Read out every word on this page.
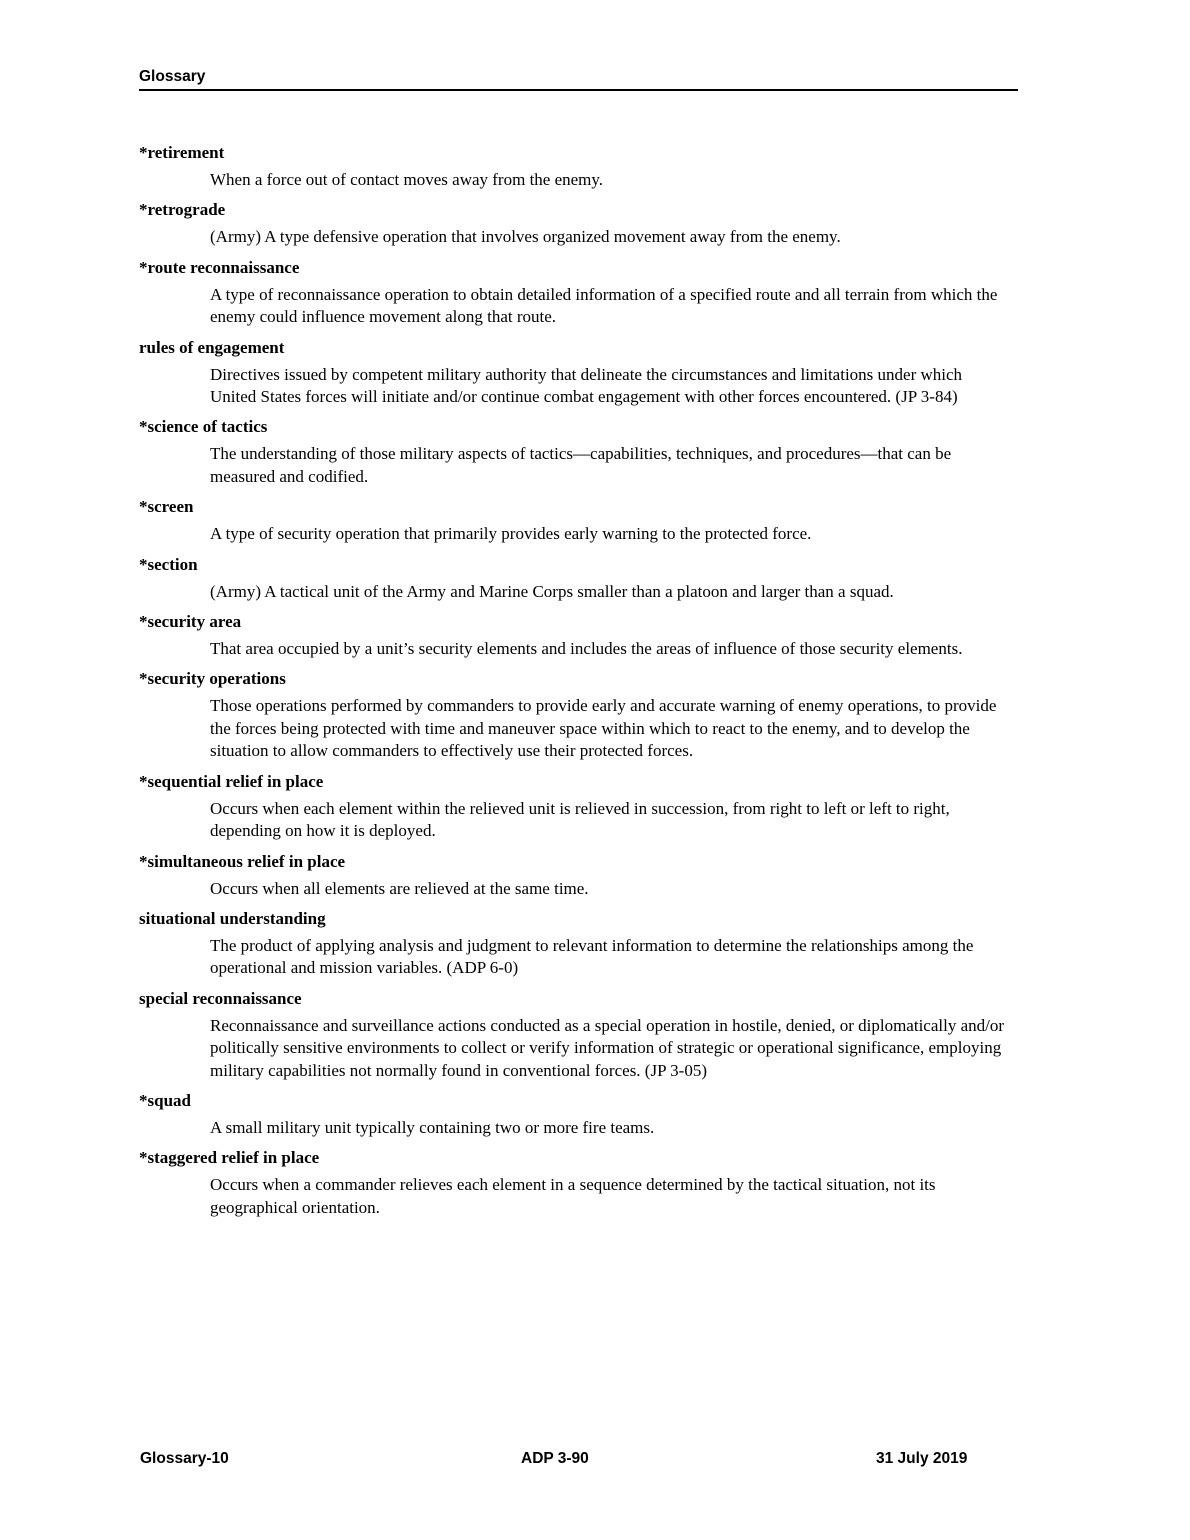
Glossary

*retirement

When a force out of contact moves away from the enemy.

*retrograde

(Army) A type defensive operation that involves organized movement away from the enemy.

*route reconnaissance

A type of reconnaissance operation to obtain detailed information of a specified route and all terrain from which the enemy could influence movement along that route.

rules of engagement

Directives issued by competent military authority that delineate the circumstances and limitations under which United States forces will initiate and/or continue combat engagement with other forces encountered. (JP 3-84)

*science of tactics

The understanding of those military aspects of tactics—capabilities, techniques, and procedures—that can be measured and codified.

*screen

A type of security operation that primarily provides early warning to the protected force.

*section

(Army) A tactical unit of the Army and Marine Corps smaller than a platoon and larger than a squad.

*security area

That area occupied by a unit’s security elements and includes the areas of influence of those security elements.

*security operations

Those operations performed by commanders to provide early and accurate warning of enemy operations, to provide the forces being protected with time and maneuver space within which to react to the enemy, and to develop the situation to allow commanders to effectively use their protected forces.

*sequential relief in place

Occurs when each element within the relieved unit is relieved in succession, from right to left or left to right, depending on how it is deployed.

*simultaneous relief in place

Occurs when all elements are relieved at the same time.

situational understanding

The product of applying analysis and judgment to relevant information to determine the relationships among the operational and mission variables. (ADP 6-0)

special reconnaissance

Reconnaissance and surveillance actions conducted as a special operation in hostile, denied, or diplomatically and/or politically sensitive environments to collect or verify information of strategic or operational significance, employing military capabilities not normally found in conventional forces. (JP 3-05)

*squad

A small military unit typically containing two or more fire teams.

*staggered relief in place

Occurs when a commander relieves each element in a sequence determined by the tactical situation, not its geographical orientation.

Glossary-10	ADP 3-90	31 July 2019
